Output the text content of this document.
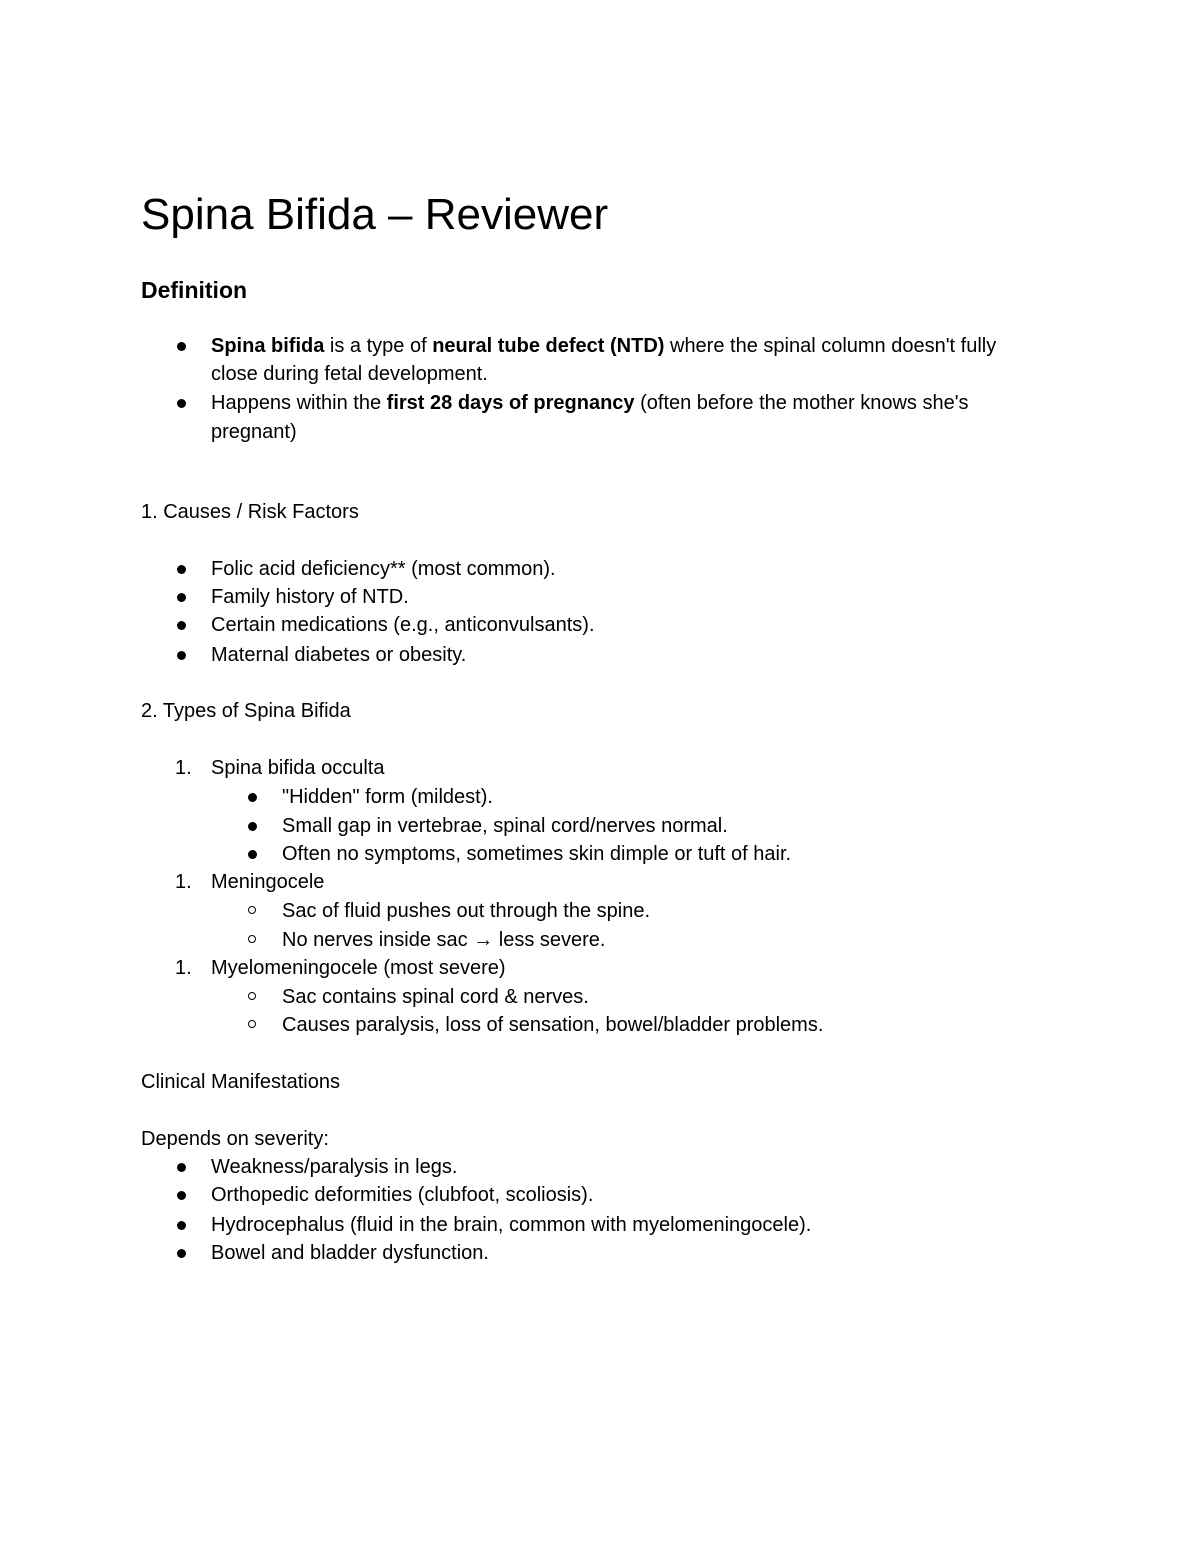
Spina Bifida – Reviewer
Definition
Spina bifida is a type of neural tube defect (NTD) where the spinal column doesn't fully
close during fetal development.
Happens within the first 28 days of pregnancy (often before the mother knows she's
pregnant)
1. Causes / Risk Factors
Folic acid deficiency** (most common).
Family history of NTD.
Certain medications (e.g., anticonvulsants).
Maternal diabetes or obesity.
2. Types of Spina Bifida
1. Spina bifida occulta
"Hidden" form (mildest).
Small gap in vertebrae, spinal cord/nerves normal.
Often no symptoms, sometimes skin dimple or tuft of hair.
1. Meningocele
Sac of fluid pushes out through the spine.
No nerves inside sac → less severe.
1. Myelomeningocele (most severe)
Sac contains spinal cord & nerves.
Causes paralysis, loss of sensation, bowel/bladder problems.
Clinical Manifestations
Depends on severity:
Weakness/paralysis in legs.
Orthopedic deformities (clubfoot, scoliosis).
Hydrocephalus (fluid in the brain, common with myelomeningocele).
Bowel and bladder dysfunction.
